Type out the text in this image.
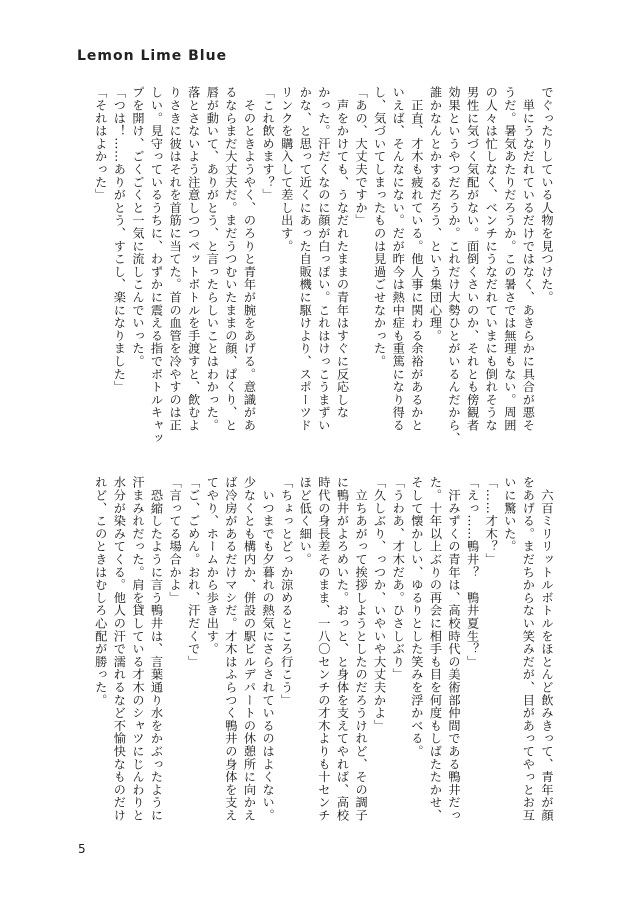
Lemon Lime Blue

でぐったりしている人物を見つけた。

　単にうなだれているだけではなく、あきらかに具合が悪そ

うだ。暑気あたりだろうか。この暑さでは無理もない。周囲

の人々は忙しなく、ベンチにうなだれていまにも倒れそうな

男性に気づく気配がない。面倒くさいのか、それとも傍観者

効果というやつだろうか。これだけ大勢ひとがいるんだから、

誰かなんとかするだろう、という集団心理。

　正直、才木も疲れている。他人事に関わる余裕があるかと

いえば、そんなにない。だが昨今は熱中症も重篤になり得る

し、気づいてしまったものは見過ごせなかった。

「あの、大丈夫ですか」

　声をかけても、うなだれたままの青年はすぐに反応しな

かった。汗だくなのに顔が白っぽい。これはけっこうまずい

かな、と思って近くにあった自販機に駆けより、スポーツド

リンクを購入して差し出す。

「これ飲めます？」

　そのときようやく、のろりと青年が腕をあげる。意識があ

るならまだ大丈夫だ。まだうつむいたままの顔、ぱくり、と

唇が動いて、ありがとう、と言ったらしいことはわかった。

落とさないよう注意しつつペットボトルを手渡すと、飲むよ

りさきに彼はそれを首筋に当てた。首の血管を冷やすのは正

しい。見守っているうちに、わずかに震える指でボトルキャッ

プを開け、ごくごくと一気に流しこんでいった。

「つは！……ありがとう、すこし、楽になりました」

「それはよかった」

　六百ミリリットルボトルをほとんど飲みきって、青年が顔

をあげる。まだちからない笑みだが、目があってやっとお互

いに驚いた。

「……才木？」

「えっ……鴨井？　鴨井夏生？」

　汗みずくの青年は、高校時代の美術部仲間である鴨井だっ

た。十年以上ぶりの再会に相手も目を何度もしばたたかせ、

そして懐かしい、ゆるりとした笑みを浮かべる。

「うわあ、才木だあ。ひさしぶり」

「久しぶり、っつか、いやいや大丈夫かよ」

　立ちあがって挨拶しようとしたのだろうけれど、その調子

に鴨井がよろめいた。おっと、と身体を支えてやれば、高校

時代の身長差そのまま、一八〇センチの才木よりも十センチ

ほど低く細い。

「ちょっとどっか涼めるところ行こう」

　いつまでも夕暮れの熱気にさらされているのはよくない。

少なくとも構内か、併設の駅ビルデパートの休憩所に向かえ

ば冷房があるだけマシだ。才木はふらつく鴨井の身体を支え

てやり、ホームから歩き出す。

「ご、ごめん。おれ、汗だくで」

「言ってる場合かよ」

　恐縮したように言う鴨井は、言葉通り水をかぶったように

汗まみれだった。肩を貸している才木のシャツにじんわりと

水分が染みてくる。他人の汗で濡れるなど不愉快なものだけ

れど、このときはむしろ心配が勝った。

5
